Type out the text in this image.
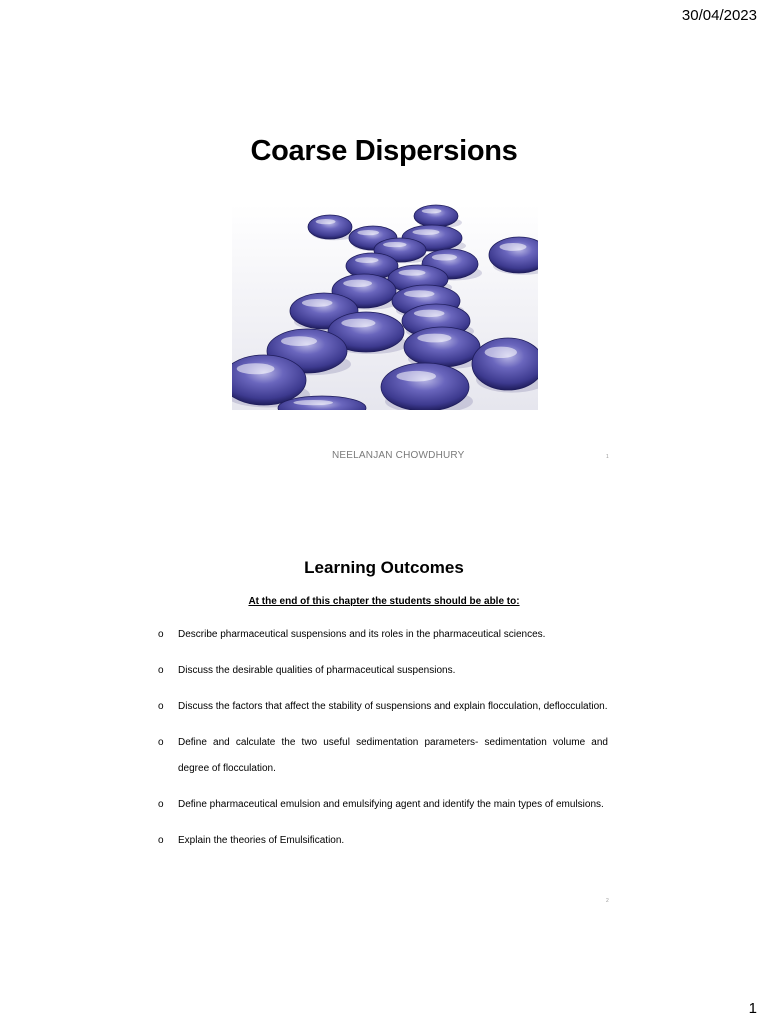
30/04/2023
Coarse Dispersions
NEELANJAN CHOWDHURY	1
Learning Outcomes
At the end of this chapter the students should be able to:
o Describe pharmaceutical suspensions and its roles in the pharmaceutical sciences.
o Discuss the desirable qualities of pharmaceutical suspensions.
o Discuss the factors that affect the stability of suspensions and explain flocculation, deflocculation.
o Define and calculate the two useful sedimentation parameters- sedimentation volume and degree of flocculation.
o Define pharmaceutical emulsion and emulsifying agent and identify the main types of emulsions.
o Explain the theories of Emulsification.
2
1
